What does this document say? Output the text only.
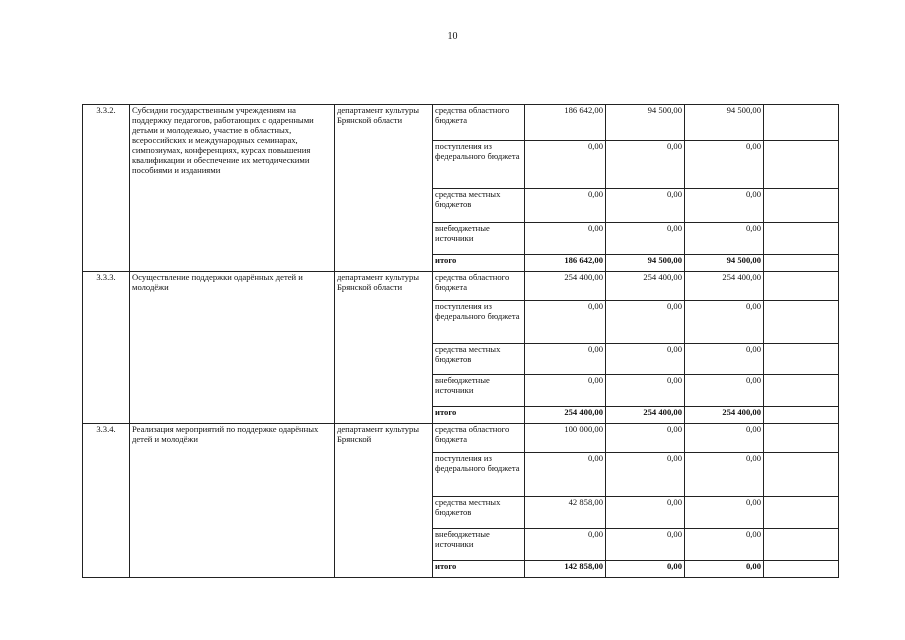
10
3.3.2.	Субсидии государственным учреждениям на поддержку педагогов, работающих с одаренными детьми и молодежью, участие в областных, всероссийских и международных семинарах, симпозиумах, конференциях, курсах повышения квалификации и обеспечение их методическими пособиями и изданиями	департамент культуры Брянской области	средства областного бюджета	186 642,00	94 500,00	94 500,00	
			поступления из федерального бюджета	0,00	0,00	0,00	
			средства местных бюджетов	0,00	0,00	0,00	
			внебюджетные источники	0,00	0,00	0,00	
			итого	186 642,00	94 500,00	94 500,00	
3.3.3.	Осуществление поддержки одарённых детей и молодёжи	департамент культуры Брянской области	средства областного бюджета	254 400,00	254 400,00	254 400,00	
			поступления из федерального бюджета	0,00	0,00	0,00	
			средства местных бюджетов	0,00	0,00	0,00	
			внебюджетные источники	0,00	0,00	0,00	
			итого	254 400,00	254 400,00	254 400,00	
3.3.4.	Реализация мероприятий по поддержке одарённых детей и молодёжи	департамент культуры Брянской	средства областного бюджета	100 000,00	0,00	0,00	
			поступления из федерального бюджета	0,00	0,00	0,00	
			средства местных бюджетов	42 858,00	0,00	0,00	
			внебюджетные источники	0,00	0,00	0,00	
			итого	142 858,00	0,00	0,00	
